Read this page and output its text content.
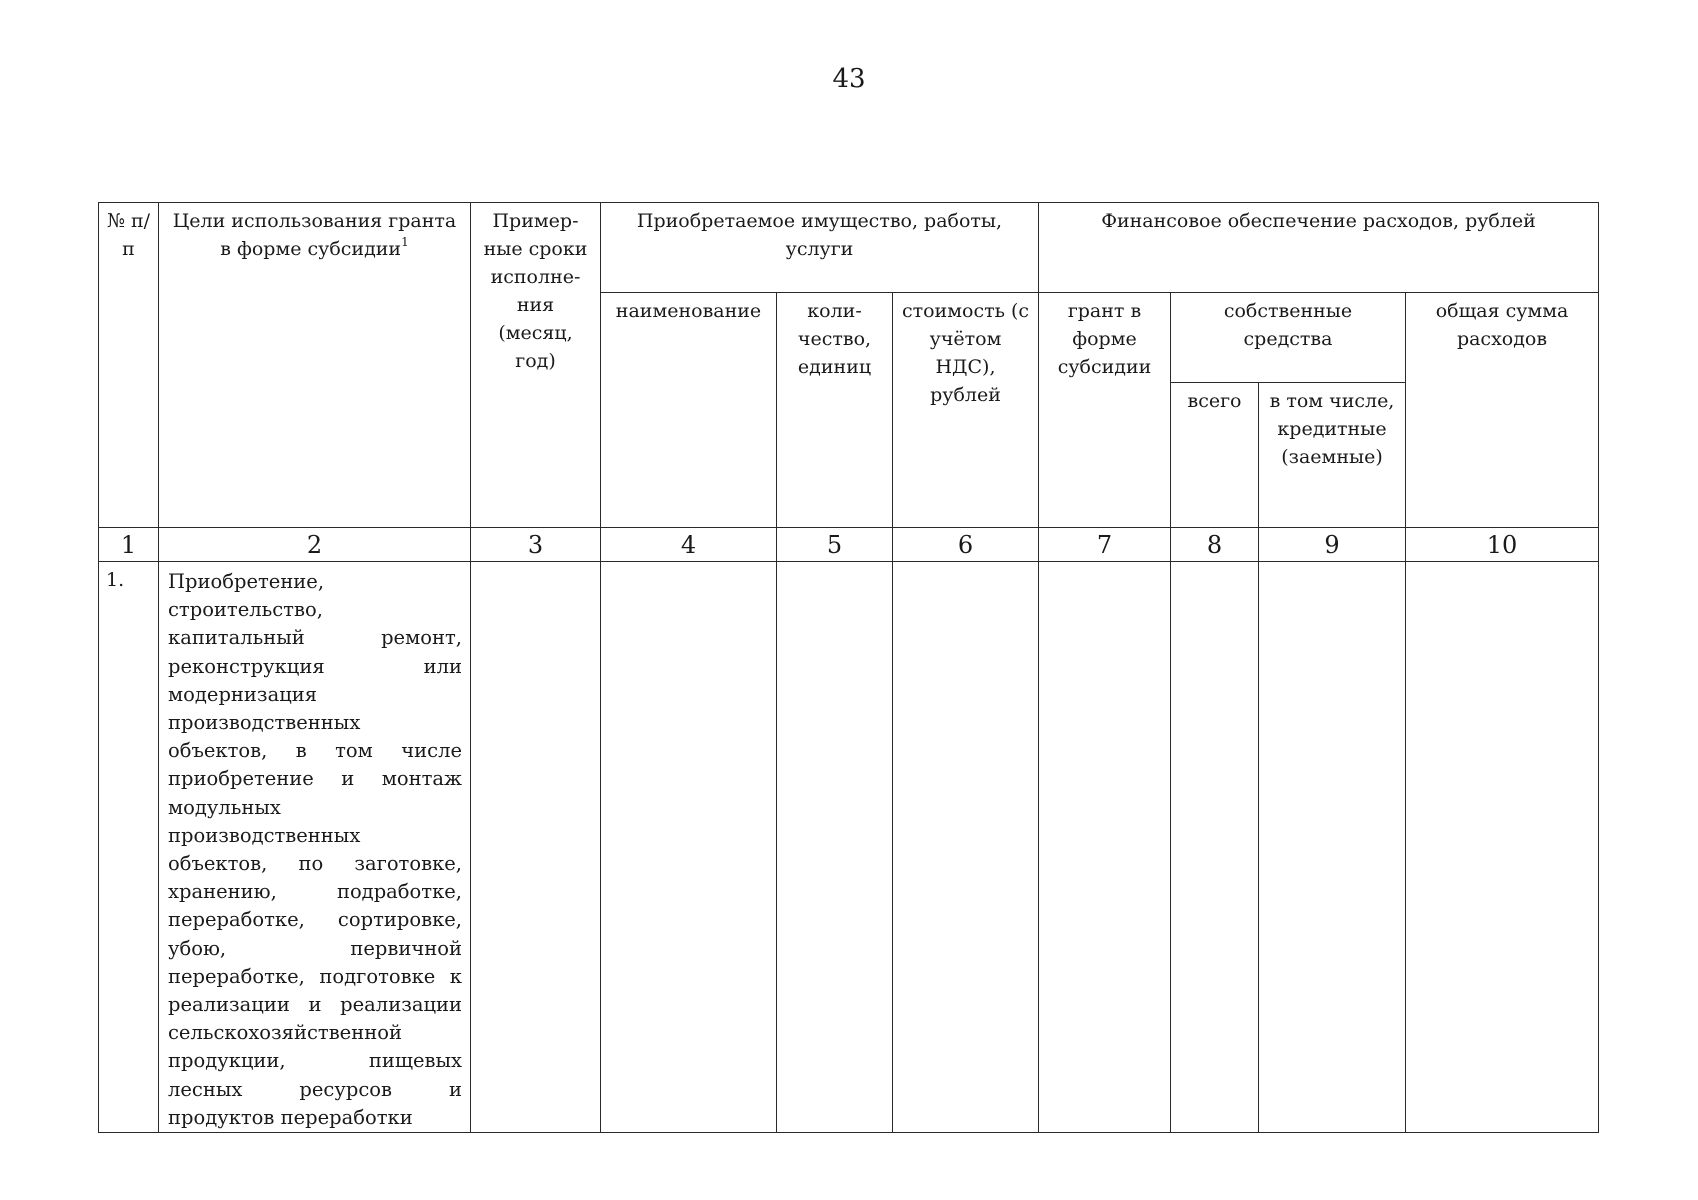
43
№ п/п	Цели использования гранта в форме субсидии$^1$	Пример-ные сроки исполне-ния (месяц, год)	Приобретаемое имущество, работы, услуги			Финансовое обеспечение расходов, рублей			
			наименование	коли-чество, единиц	стоимость (с учётом НДС), рублей	грант в форме субсидии	собственные средства		общая сумма расходов
							всего	в том числе, кредитные (заемные)	
1	2	3	4	5	6	7	8	9	10
1.	Приобретение, строительство, капитальный ремонт, реконструкция или модернизация производственных объектов, в том числе приобретение и монтаж модульных производственных объектов, по заготовке, хранению, подработке, переработке, сортировке, убою, первичной переработке, подготовке к реализации и реализации сельскохозяйственной продукции, пищевых лесных ресурсов и продуктов переработки								
